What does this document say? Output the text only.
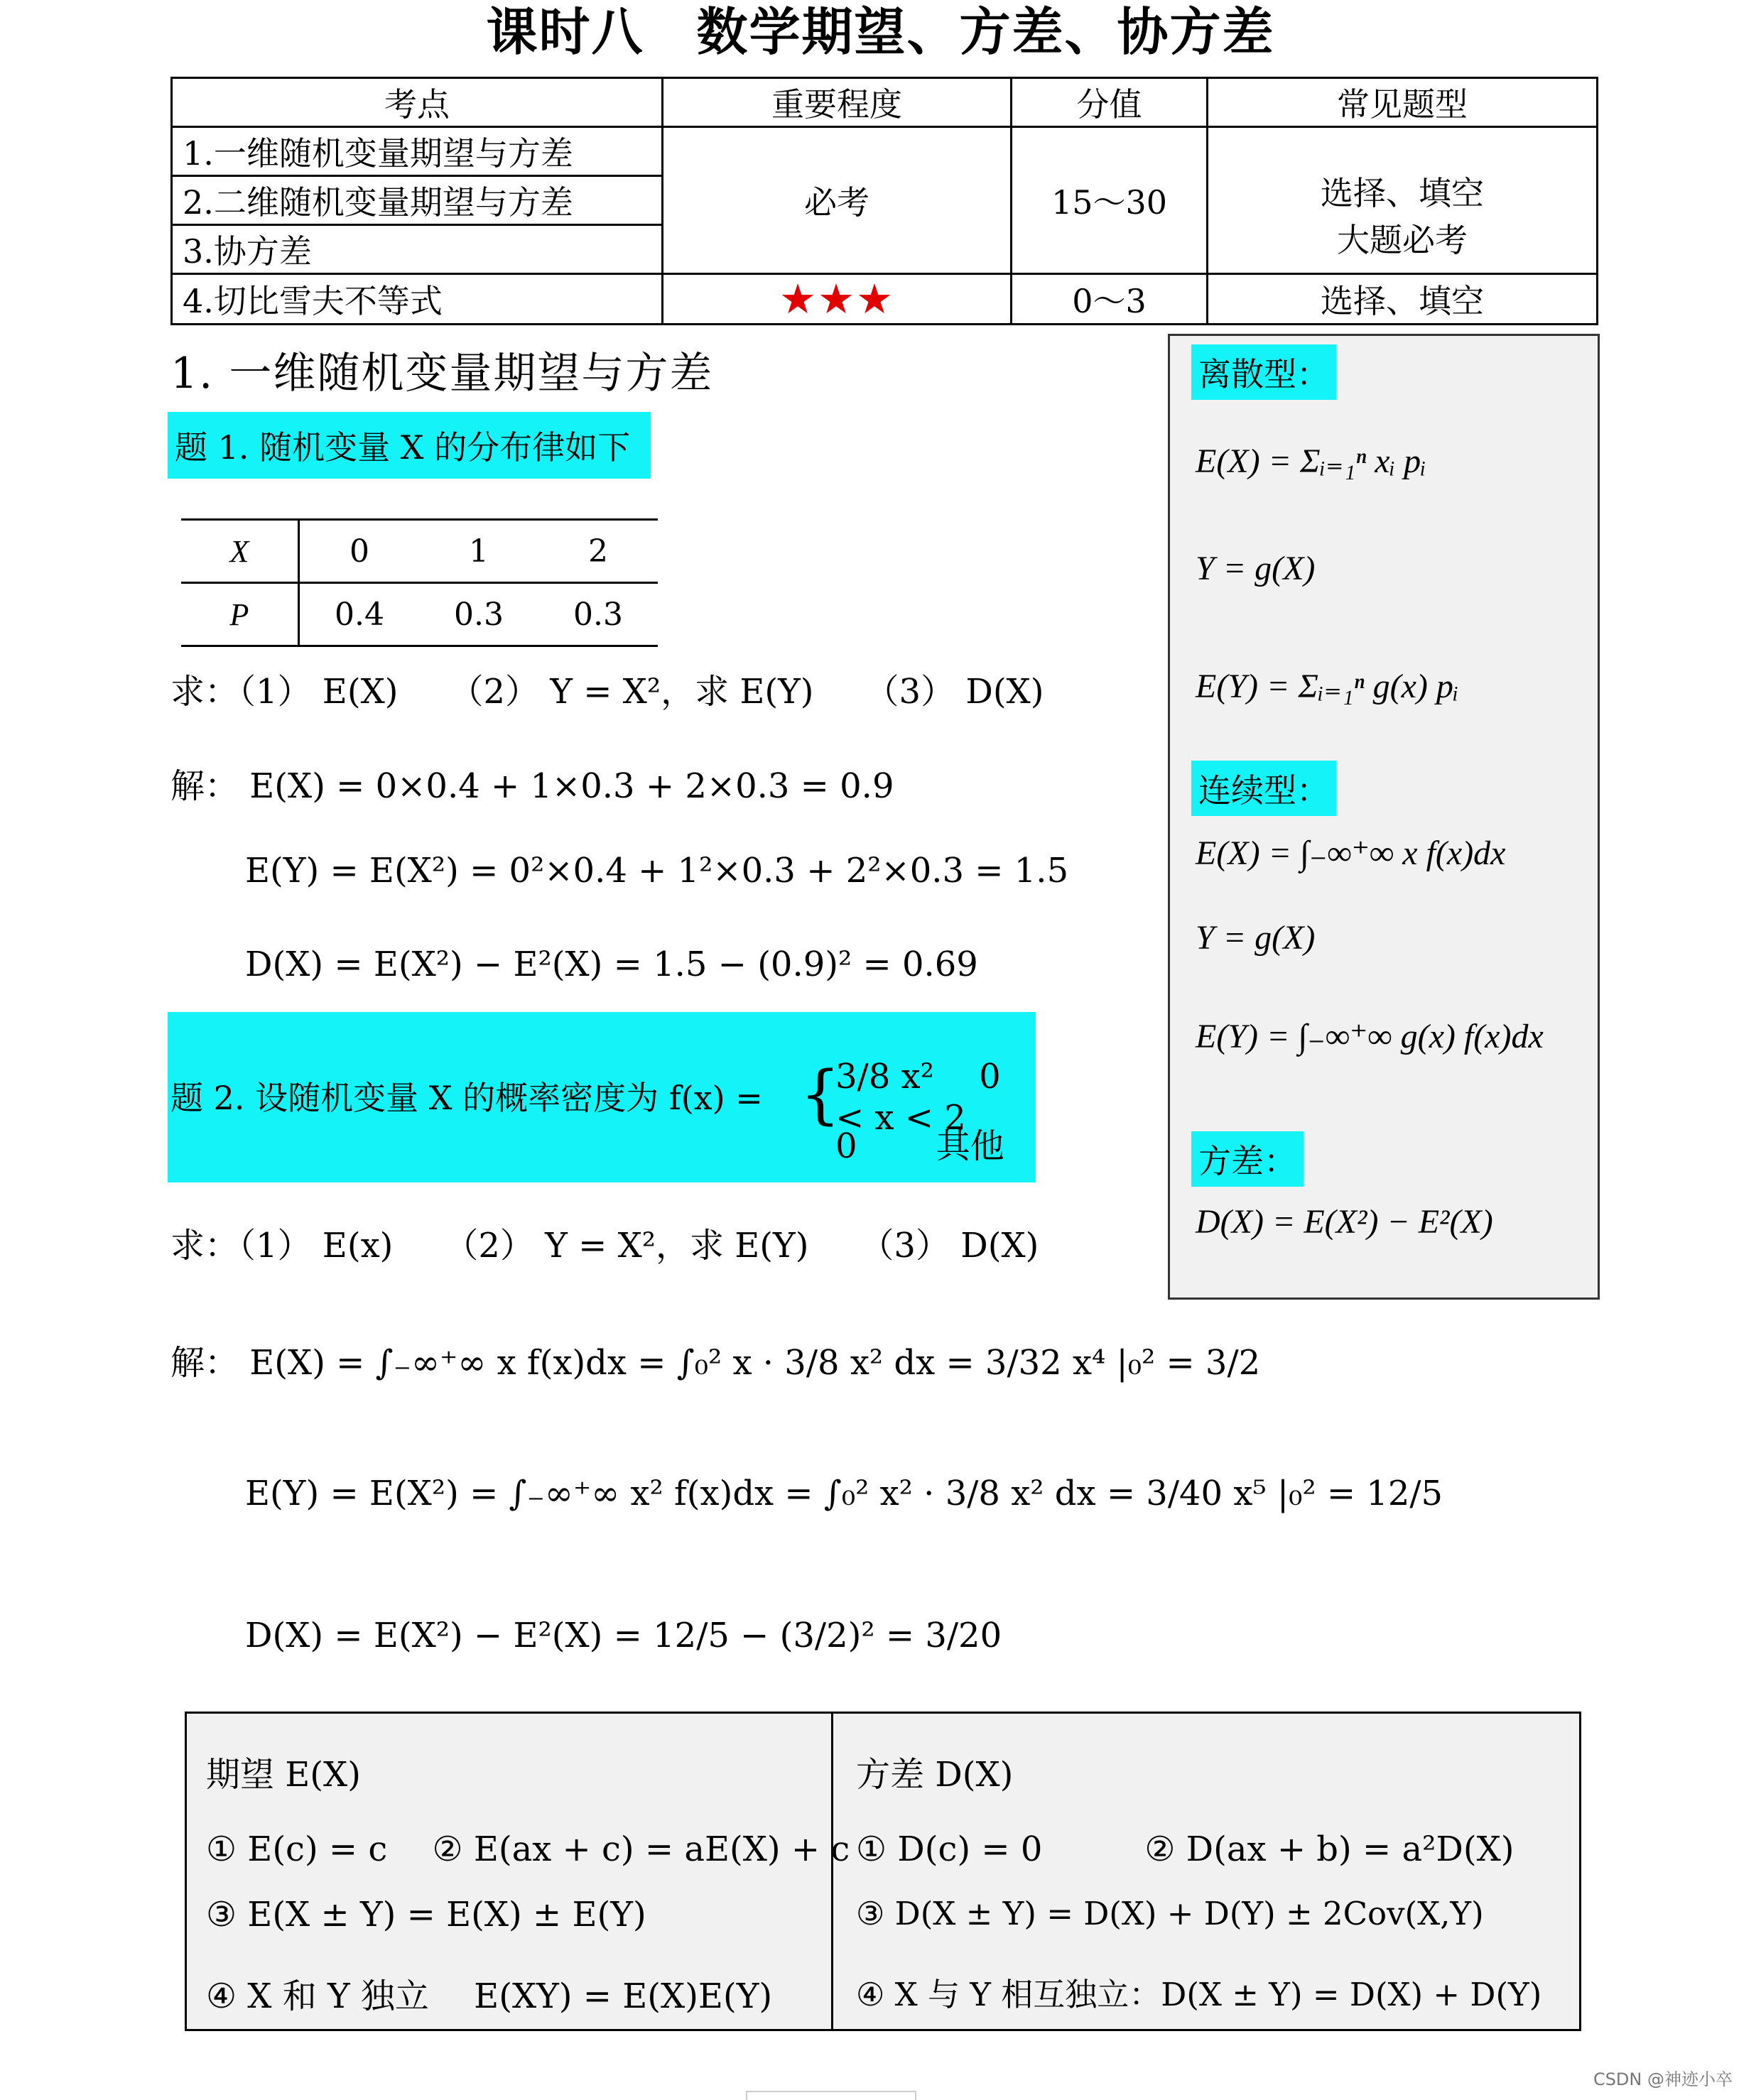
课时八　数学期望、方差、协方差
考点	重要程度	分值	常见题型
1.一维随机变量期望与方差	必考	15～30	选择、填空
大题必考

2.二维随机变量期望与方差			
3.协方差			
4.切比雪夫不等式	★★★	0～3	选择、填空
1. 一维随机变量期望与方差
题 1. 随机变量 X 的分布律如下
X	0	1	2
P	0.4	0.3	0.3
求：（1） E(X)　　（2） Y = X²，求 E(Y)　　（3） D(X)
解： E(X) = 0×0.4 + 1×0.3 + 2×0.3 = 0.9
E(Y) = E(X²) = 0²×0.4 + 1²×0.3 + 2²×0.3 = 1.5
D(X) = E(X²) − E²(X) = 1.5 − (0.9)² = 0.69
题 2. 设随机变量 X 的概率密度为 f(x) = {
3/8 x²　 0 < x < 2
0　　 其他
求：（1） E(x)　　（2） Y = X²，求 E(Y)　　（3） D(X)
解： E(X) = ∫₋∞⁺∞ x f(x)dx = ∫₀² x · 3/8 x² dx = 3/32 x⁴ |₀² = 3/2
E(Y) = E(X²) = ∫₋∞⁺∞ x² f(x)dx = ∫₀² x² · 3/8 x² dx = 3/40 x⁵ |₀² = 12/5
D(X) = E(X²) − E²(X) = 12/5 − (3/2)² = 3/20
离散型：
E(X) = Σᵢ₌₁ⁿ xᵢ pᵢ
Y = g(X)
E(Y) = Σᵢ₌₁ⁿ g(x) pᵢ
连续型：
E(X) = ∫₋∞⁺∞ x f(x)dx
Y = g(X)
E(Y) = ∫₋∞⁺∞ g(x) f(x)dx
方差：
D(X) = E(X²) − E²(X)
期望 E(X)
① E(c) = c　 ② E(ax + c) = aE(X) + c
③ E(X ± Y) = E(X) ± E(Y)
④ X 和 Y 独立　 E(XY) = E(X)E(Y)
方差 D(X)
① D(c) = 0　　　② D(ax + b) = a²D(X)
③ D(X ± Y) = D(X) + D(Y) ± 2Cov(X,Y)
④ X 与 Y 相互独立：D(X ± Y) = D(X) + D(Y)
CSDN @神迹小卒
